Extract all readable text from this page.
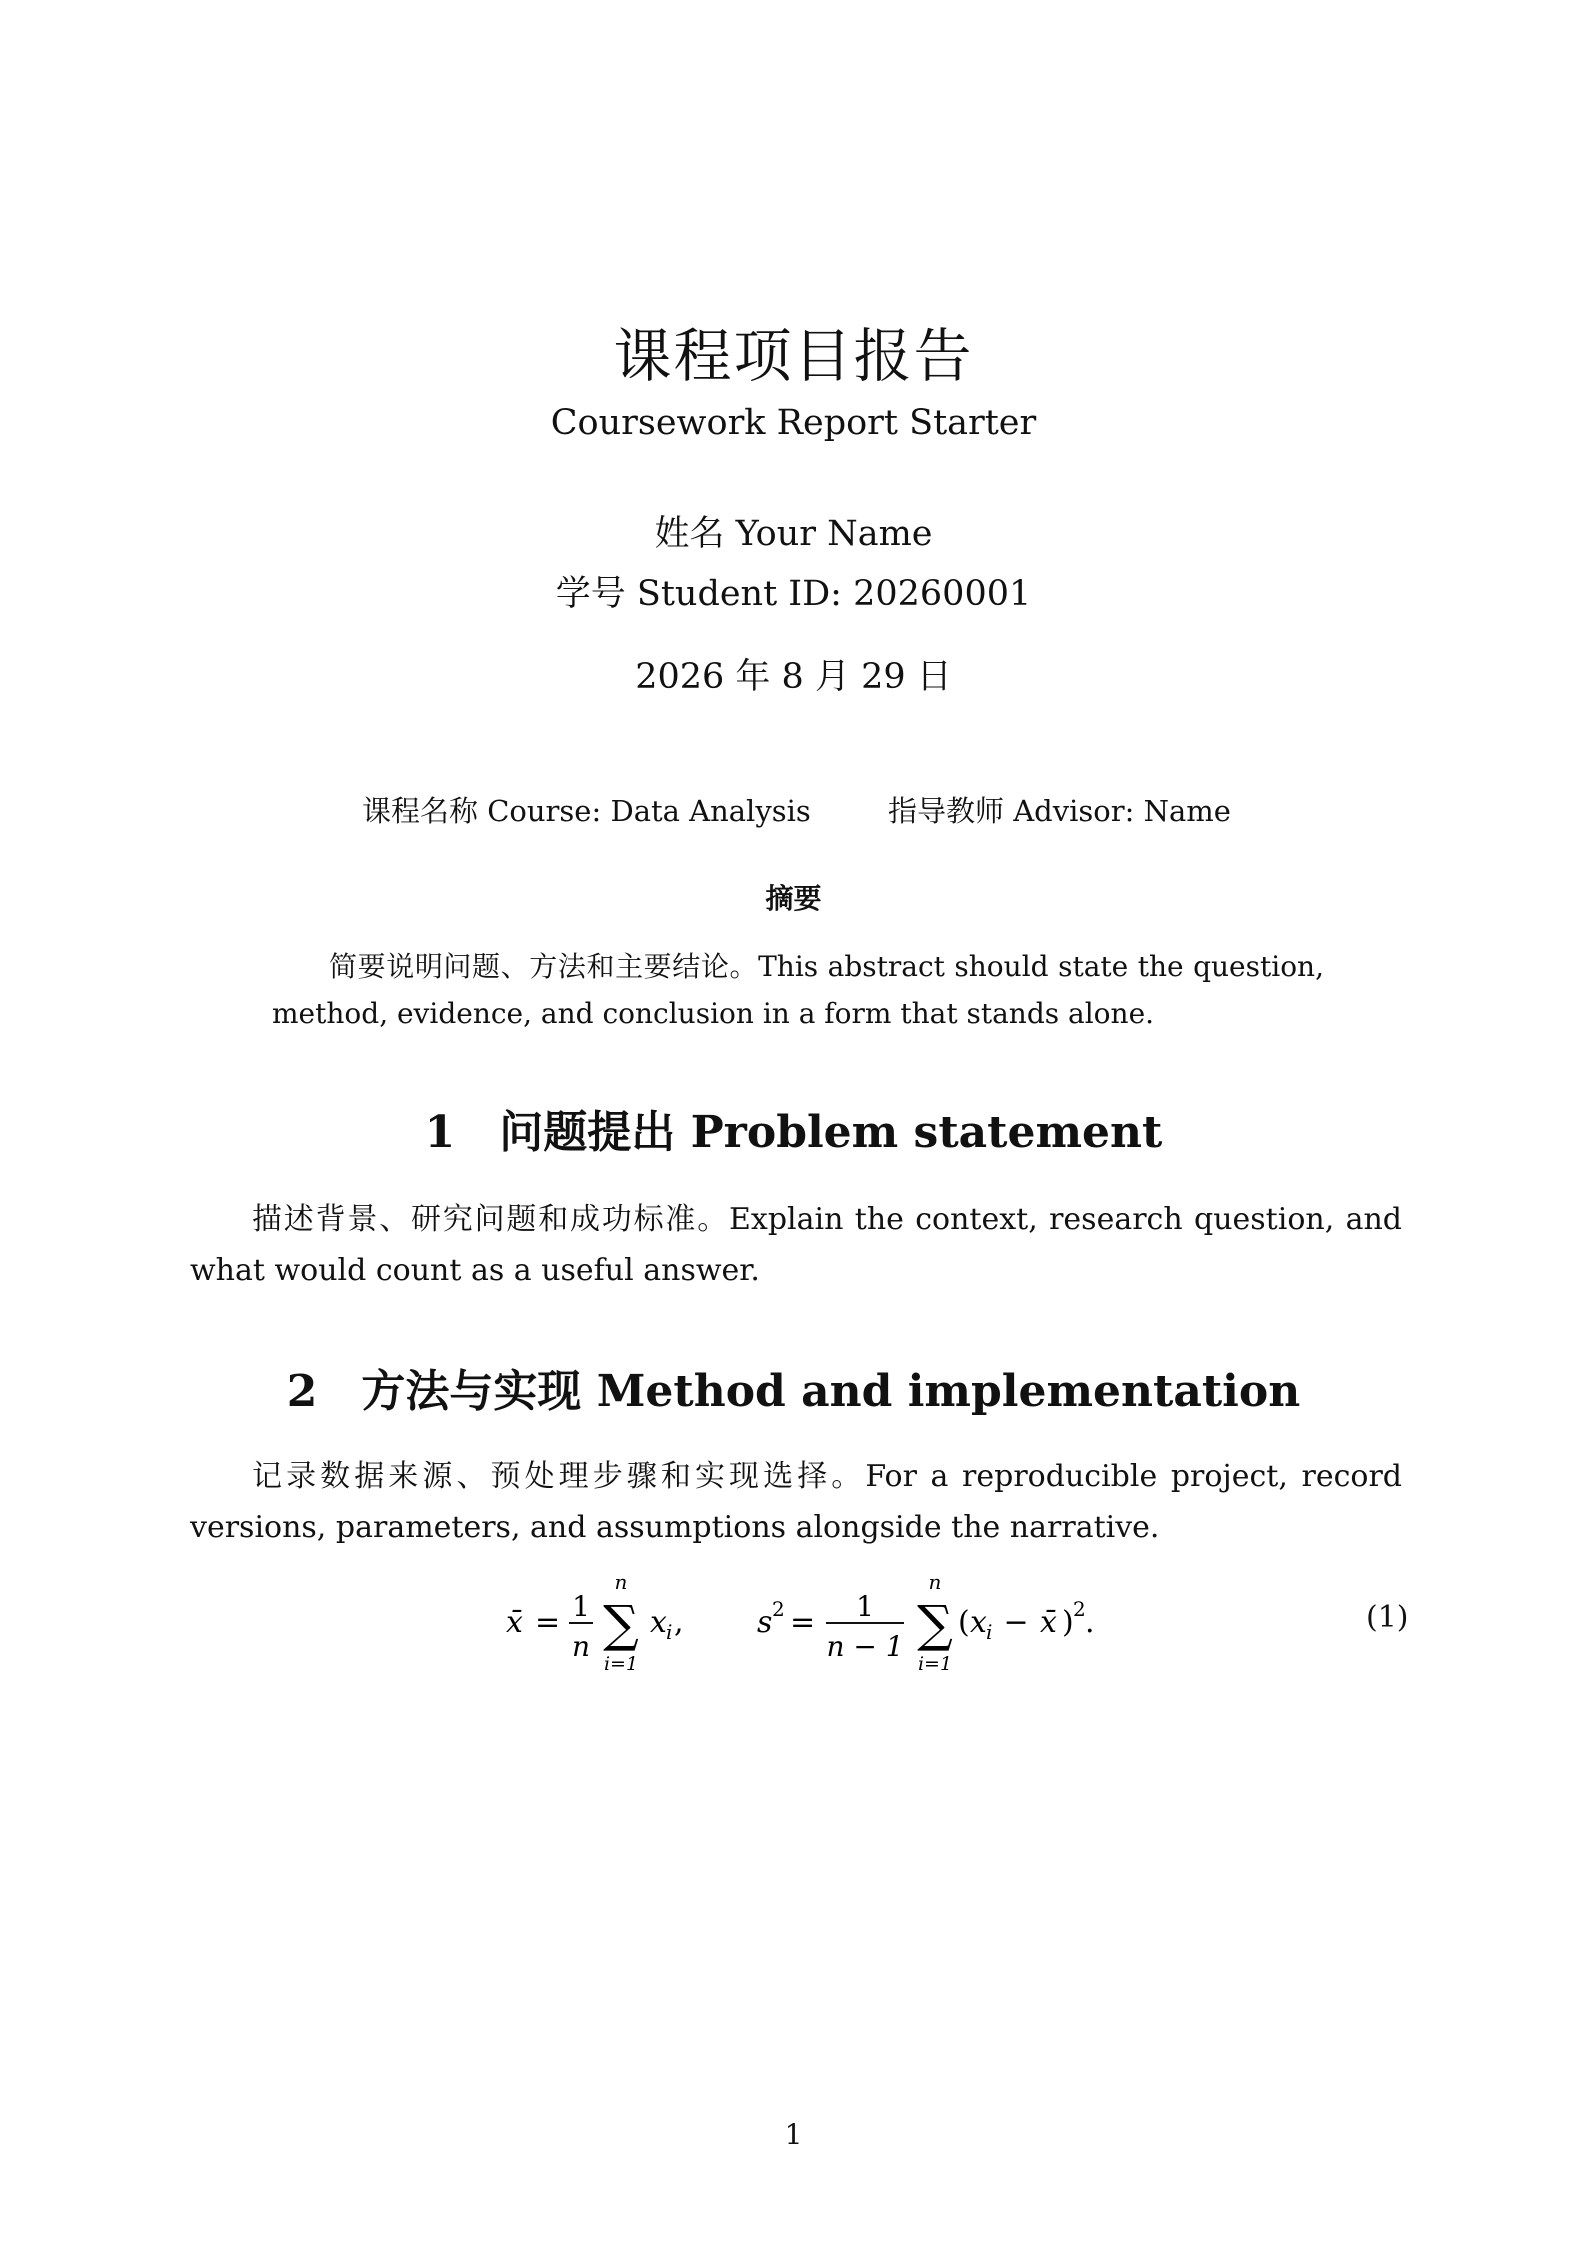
课程项目报告
Coursework Report Starter
姓名 Your Name
学号 Student ID: 20260001
2026 年 8 月 29 日
课程名称 Course: Data Analysis	指导教师 Advisor: Name
摘要
简要说明问题、方法和主要结论。This abstract should state the question, method, evidence, and conclusion in a form that stands alone.
1 问题提出 Problem statement
描述背景、研究问题和成功标准。Explain the context, research question, and what would count as a useful answer.
2 方法与实现 Method and implementation
记录数据来源、预处理步骤和实现选择。For a reproducible project, record versions, parameters, and assumptions alongside the narrative.
x̄ = 1
n
n
∑
i=1
x i , s 2 = 1
n − 1
n
∑
i=1
( x i − x̄ ) 2 .	(1)
1
